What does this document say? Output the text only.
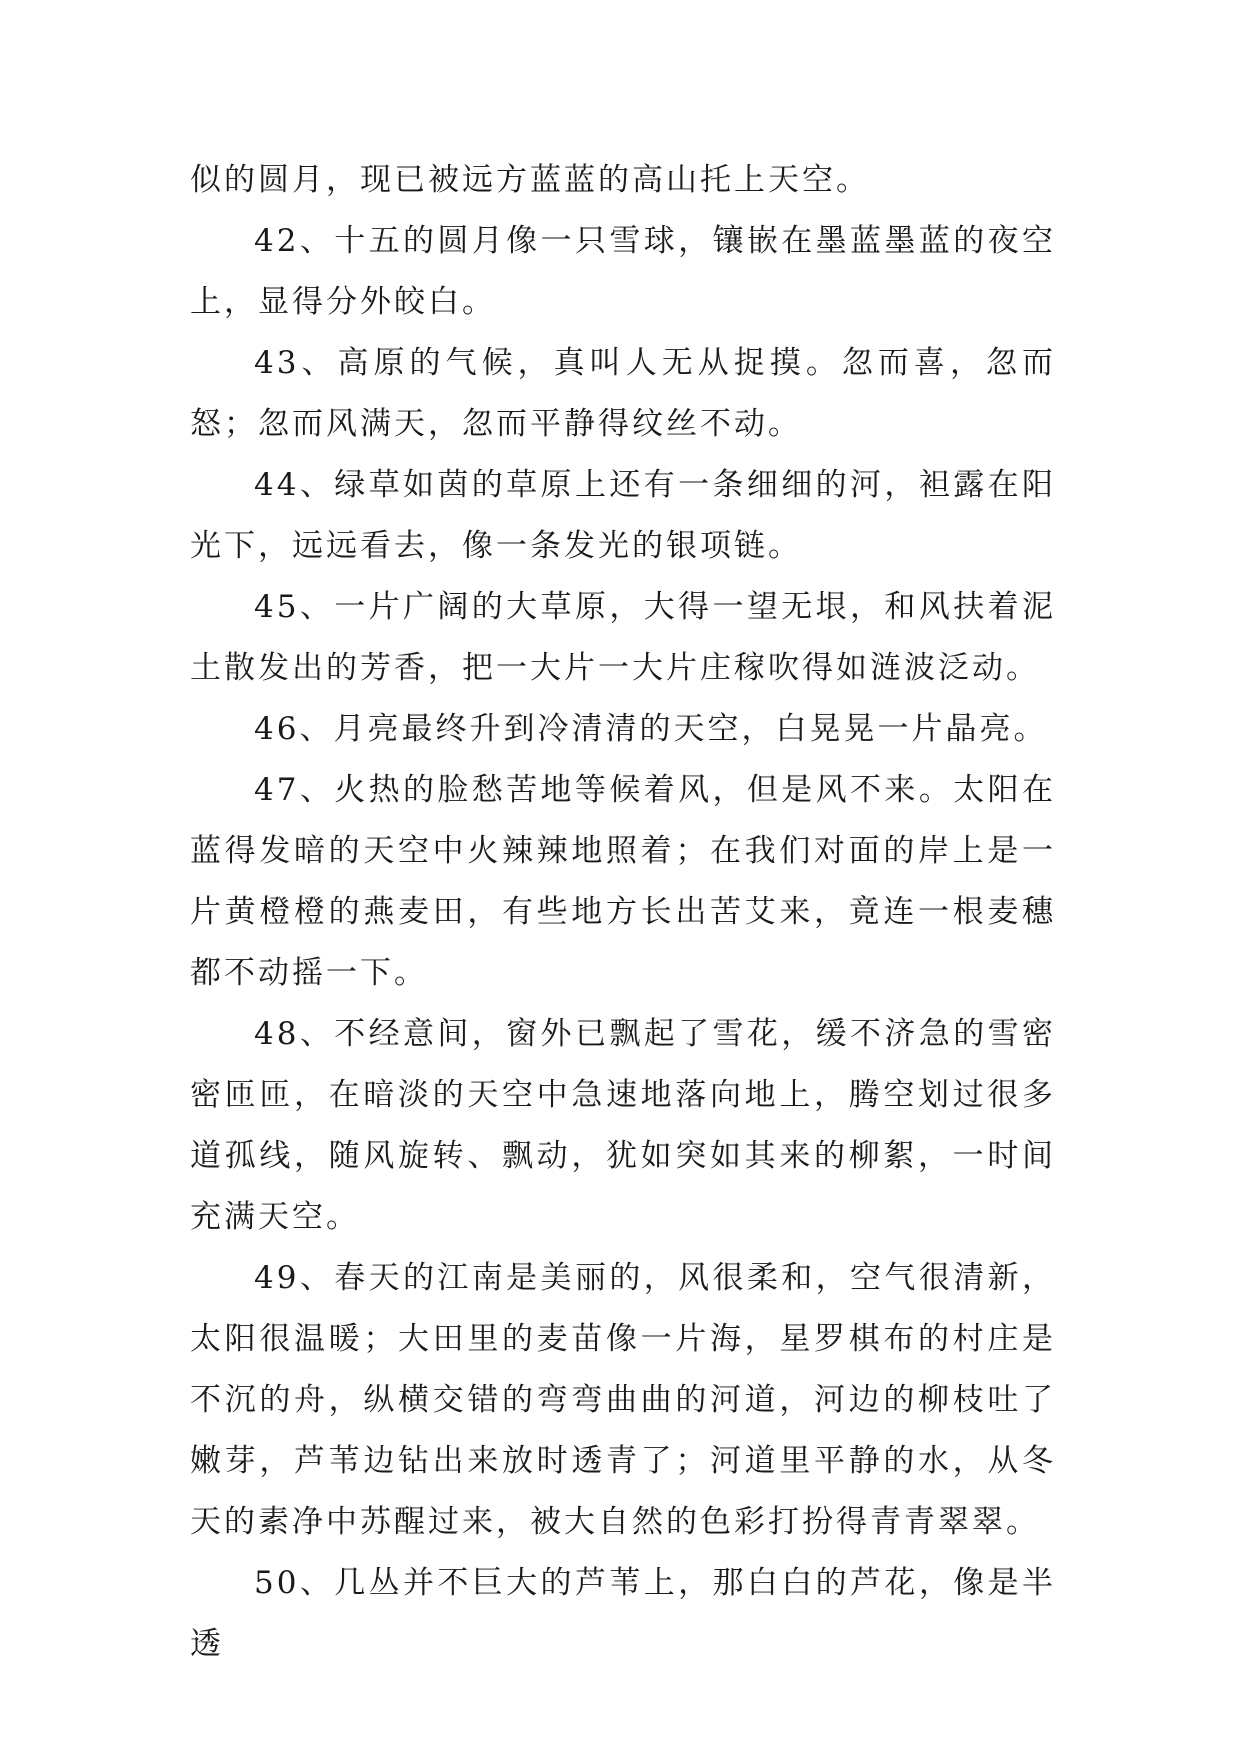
似的圆月，现已被远方蓝蓝的高山托上天空。

42、十五的圆月像一只雪球，镶嵌在墨蓝墨蓝的夜空上，显得分外皎白。

43、高原的气候，真叫人无从捉摸。忽而喜，忽而怒；忽而风满天，忽而平静得纹丝不动。

44、绿草如茵的草原上还有一条细细的河，袒露在阳光下，远远看去，像一条发光的银项链。

45、一片广阔的大草原，大得一望无垠，和风扶着泥土散发出的芳香，把一大片一大片庄稼吹得如涟波泛动。

46、月亮最终升到冷清清的天空，白晃晃一片晶亮。

47、火热的脸愁苦地等候着风，但是风不来。太阳在蓝得发暗的天空中火辣辣地照着；在我们对面的岸上是一片黄橙橙的燕麦田，有些地方长出苦艾来，竟连一根麦穗都不动摇一下。

48、不经意间，窗外已飘起了雪花，缓不济急的雪密密匝匝，在暗淡的天空中急速地落向地上，腾空划过很多道孤线，随风旋转、飘动，犹如突如其来的柳絮，一时间充满天空。

49、春天的江南是美丽的，风很柔和，空气很清新，太阳很温暖；大田里的麦苗像一片海，星罗棋布的村庄是不沉的舟，纵横交错的弯弯曲曲的河道，河边的柳枝吐了嫩芽，芦苇边钻出来放时透青了；河道里平静的水，从冬天的素净中苏醒过来，被大自然的色彩打扮得青青翠翠。

50、几丛并不巨大的芦苇上，那白白的芦花，像是半透
